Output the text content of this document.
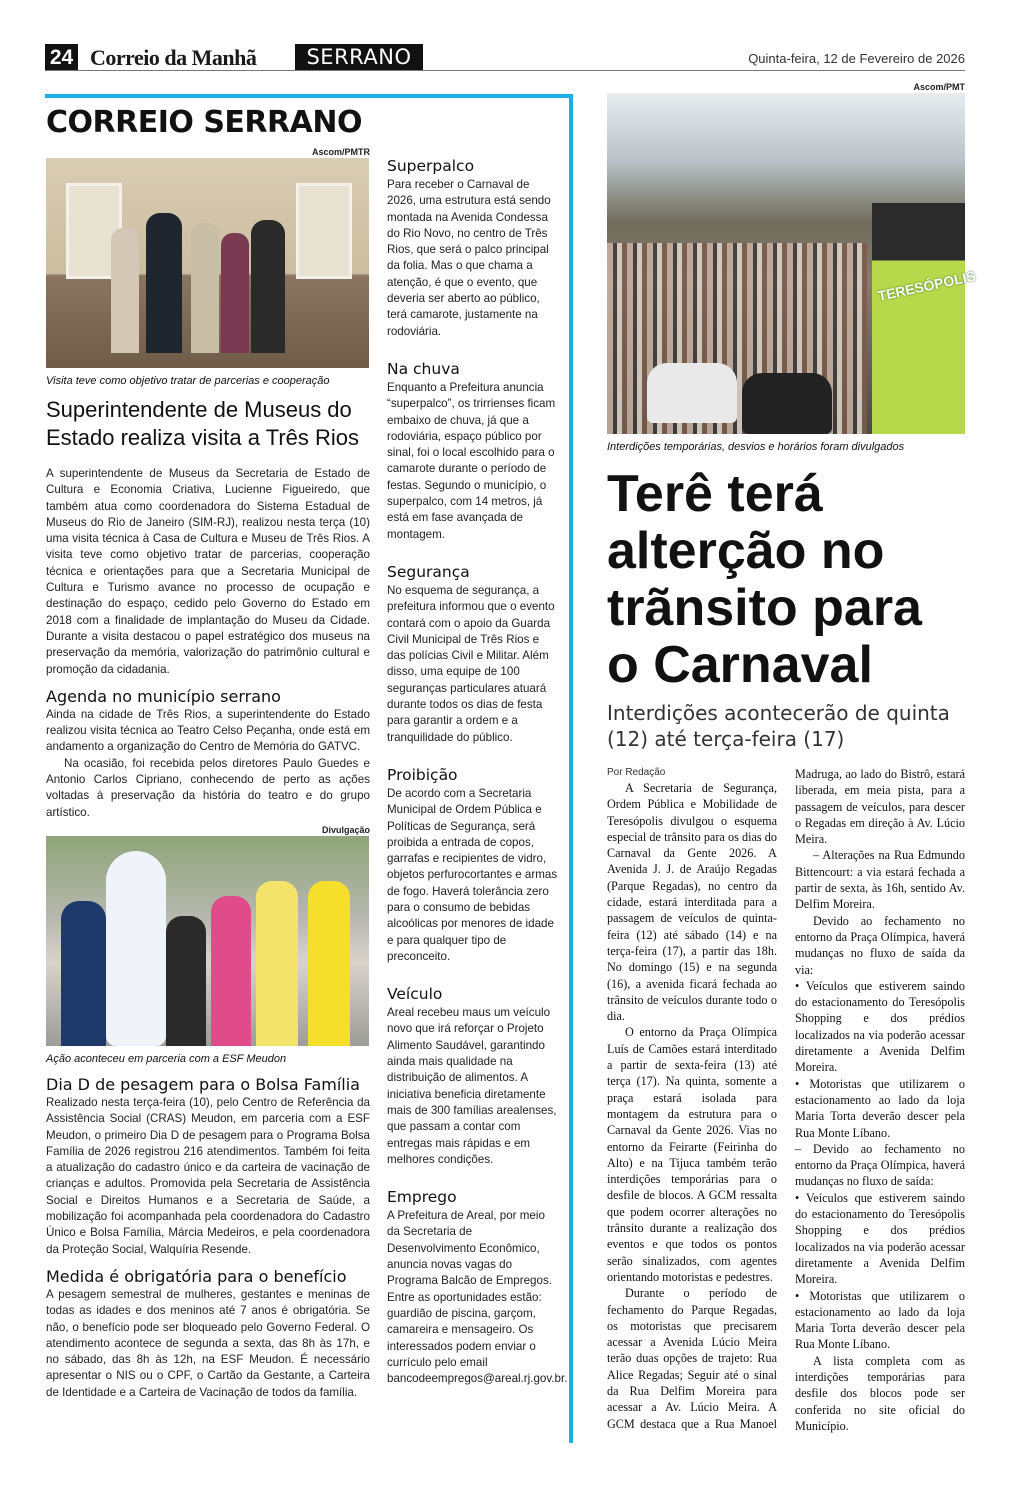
24 Correio da Manhã	SERRANO	Quinta-feira, 12 de Fevereiro de 2026
CORREIO SERRANO
Ascom/PMTR
Visita teve como objetivo tratar de parcerias e cooperação
Superintendente de Museus do Estado realiza visita a Três Rios

A superintendente de Museus da Secretaria de Estado de Cultura e Economia Criativa, Lucienne Figueiredo, que também atua como coordenadora do Sistema Estadual de Museus do Rio de Janeiro (SIM-RJ), realizou nesta terça (10) uma visita técnica à Casa de Cultura e Museu de Três Rios. A visita teve como objetivo tratar de parcerias, cooperação técnica e orientações para que a Secretaria Municipal de Cultura e Turismo avance no processo de ocupação e destinação do espaço, cedido pelo Governo do Estado em 2018 com a finalidade de implantação do Museu da Cidade. Durante a visita destacou o papel estratégico dos museus na preservação da memória, valorização do patrimônio cultural e promoção da cidadania.

Agenda no município serrano

Ainda na cidade de Três Rios, a superintendente do Estado realizou visita técnica ao Teatro Celso Peçanha, onde está em andamento a organização do Centro de Memória do GATVC.

Na ocasião, foi recebida pelos diretores Paulo Guedes e Antonio Carlos Cipriano, conhecendo de perto as ações voltadas à preservação da história do teatro e do grupo artístico.

Divulgação
Ação aconteceu em parceria com a ESF Meudon
Dia D de pesagem para o Bolsa Família

Realizado nesta terça-feira (10), pelo Centro de Referência da Assistência Social (CRAS) Meudon, em parceria com a ESF Meudon, o primeiro Dia D de pesagem para o Programa Bolsa Família de 2026 registrou 216 atendimentos. Também foi feita a atualização do cadastro único e da carteira de vacinação de crianças e adultos. Promovida pela Secretaria de Assistência Social e Direitos Humanos e a Secretaria de Saúde, a mobilização foi acompanhada pela coordenadora do Cadastro Único e Bolsa Família, Márcia Medeiros, e pela coordenadora da Proteção Social, Walquíria Resende.

Medida é obrigatória para o benefício

A pesagem semestral de mulheres, gestantes e meninas de todas as idades e dos meninos até 7 anos é obrigatória. Se não, o benefício pode ser bloqueado pelo Governo Federal. O atendimento acontece de segunda a sexta, das 8h às 17h, e no sábado, das 8h às 12h, na ESF Meudon. É necessário apresentar o NIS ou o CPF, o Cartão da Gestante, a Carteira de Identidade e a Carteira de Vacinação de todos da família.

Superpalco

Para receber o Carnaval de 2026, uma estrutura está sendo montada na Avenida Condessa do Rio Novo, no centro de Três Rios, que será o palco principal da folia. Mas o que chama a atenção, é que o evento, que deveria ser aberto ao público, terá camarote, justamente na rodoviária.

Na chuva

Enquanto a Prefeitura anuncia “superpalco”, os trirrienses ficam embaixo de chuva, já que a rodoviária, espaço público por sinal, foi o local escolhido para o camarote durante o período de festas. Segundo o município, o superpalco, com 14 metros, já está em fase avançada de montagem.

Segurança

No esquema de segurança, a prefeitura informou que o evento contará com o apoio da Guarda Civil Municipal de Três Rios e das polícias Civil e Militar. Além disso, uma equipe de 100 seguranças particulares atuará durante todos os dias de festa para garantir a ordem e a tranquilidade do público.

Proibição

De acordo com a Secretaria Municipal de Ordem Pública e Políticas de Segurança, será proibida a entrada de copos, garrafas e recipientes de vidro, objetos perfurocortantes e armas de fogo. Haverá tolerância zero para o consumo de bebidas alcoólicas por menores de idade e para qualquer tipo de preconceito.

Veículo

Areal recebeu maus um veículo novo que irá reforçar o Projeto Alimento Saudável, garantindo ainda mais qualidade na distribuição de alimentos. A iniciativa beneficia diretamente mais de 300 famílias arealenses, que passam a contar com entregas mais rápidas e em melhores condições.

Emprego

A Prefeitura de Areal, por meio da Secretaria de Desenvolvimento Econômico, anuncia novas vagas do Programa Balcão de Empregos. Entre as oportunidades estão: guardião de piscina, garçom, camareira e mensageiro. Os interessados podem enviar o currículo pelo email bancodeempregos@areal.rj.gov.br.

Ascom/PMT
TERESÓPOLIS
Interdições temporárias, desvios e horários foram divulgados
Terê terá alterção no trãnsito para o Carnaval
Interdições acontecerão de quinta (12) até terça-feira (17)

Por Redação

A Secretaria de Segurança, Ordem Pública e Mobilidade de Teresópolis divulgou o esquema especial de trânsito para os dias do Carnaval da Gente 2026. A Avenida J. J. de Araújo Regadas (Parque Regadas), no centro da cidade, estará interditada para a passagem de veículos de quinta-feira (12) até sábado (14) e na terça-feira (17), a partir das 18h. No domingo (15) e na segunda (16), a avenida ficará fechada ao trânsito de veículos durante todo o dia.

O entorno da Praça Olímpica Luís de Camões estará interditado a partir de sexta-feira (13) até terça (17). Na quinta, somente a praça estará isolada para montagem da estrutura para o Carnaval da Gente 2026. Vias no entorno da Feirarte (Feirinha do Alto) e na Tijuca também terão interdições temporárias para o desfile de blocos. A GCM ressalta que podem ocorrer alterações no trânsito durante a realização dos eventos e que todos os pontos serão sinalizados, com agentes orientando motoristas e pedestres.

Durante o período de fechamento do Parque Regadas, os motoristas que precisarem acessar a Avenida Lúcio Meira terão duas opções de trajeto: Rua Alice Regadas; Seguir até o sinal da Rua Delfim Moreira para acessar a Av. Lúcio Meira. A GCM destaca que a Rua Manoel Madruga, ao lado do Bistrô, estará liberada, em meia pista, para a passagem de veículos, para descer o Regadas em direção à Av. Lúcio Meira.

– Alterações na Rua Edmundo Bittencourt: a via estará fechada a partir de sexta, às 16h, sentido Av. Delfim Moreira.

Devido ao fechamento no entorno da Praça Olímpica, haverá mudanças no fluxo de saída da via:

• Veículos que estiverem saindo do estacionamento do Teresópolis Shopping e dos prédios localizados na via poderão acessar diretamente a Avenida Delfim Moreira.

• Motoristas que utilizarem o estacionamento ao lado da loja Maria Torta deverão descer pela Rua Monte Líbano.

– Devido ao fechamento no entorno da Praça Olímpica, haverá mudanças no fluxo de saída:

• Veículos que estiverem saindo do estacionamento do Teresópolis Shopping e dos prédios localizados na via poderão acessar diretamente a Avenida Delfim Moreira.

• Motoristas que utilizarem o estacionamento ao lado da loja Maria Torta deverão descer pela Rua Monte Líbano.

A lista completa com as interdições temporárias para desfile dos blocos pode ser conferida no site oficial do Município.
